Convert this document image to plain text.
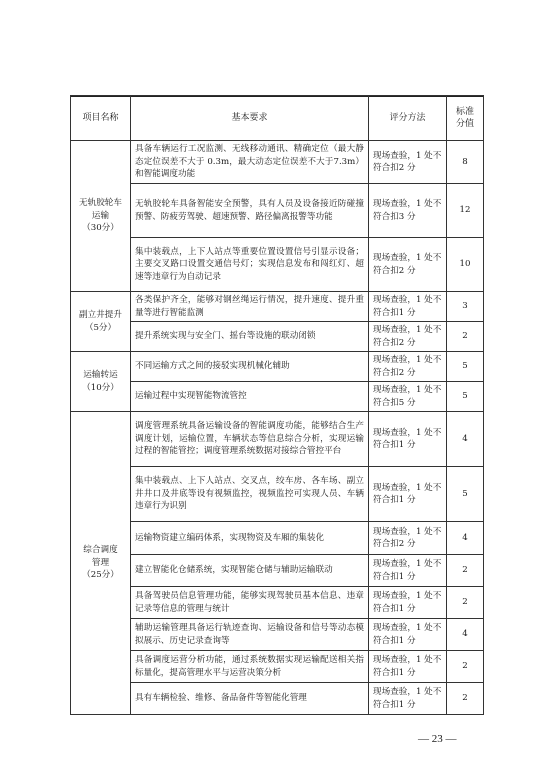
项目名称	基本要求	评分方法	标准
分值

无轨胶轮车
运输
（30分）	具备车辆运行工况监测、无线移动通讯、精确定位（最大静态定位误差不大于 0.3m，最大动态定位误差不大于7.3m）和智能调度功能	现场查验，1 处不符合扣2 分	8
	无轨胶轮车具备智能安全预警，具有人员及设备接近防碰撞预警、防疲劳驾驶、超速预警、路径偏离报警等功能	现场查验，1 处不符合扣3 分	12
	集中装载点，上下人站点等重要位置设置信号引显示设备；主要交叉路口设置交通信号灯；实现信息发布和闯红灯、超速等违章行为自动记录	现场查验，1 处不符合扣2 分	10

副立井提升
（5分）	各类保护齐全，能够对钢丝绳运行情况，提升速度、提升重量等进行智能监测	现场查验，1 处不符合扣1 分	3
	提升系统实现与安全门、摇台等设施的联动闭锁	现场查验，1 处不符合扣2 分	2

运输转运
（10分）	不同运输方式之间的接驳实现机械化辅助	现场查验，1 处不符合扣2 分	5
	运输过程中实现智能物流管控	现场查验，1 处不符合扣5 分	5

综合调度
管理
（25分）	调度管理系统具备运输设备的智能调度功能，能够结合生产调度计划，运输位置，车辆状态等信息综合分析，实现运输过程的智能管控；调度管理系统数据对接综合管控平台	现场查验，1 处不符合扣1 分	4
	集中装载点、上下人站点、交叉点，绞车房、各车场、副立井井口及井底等设有视频监控，视频监控可实现人员、车辆违章行为识别	现场查验，1 处不符合扣1 分	5
	运输物资建立编码体系，实现物资及车厢的集装化	现场查验，1 处不符合扣2 分	4
	建立智能化仓储系统，实现智能仓储与辅助运输联动	现场查验，1 处不符合扣1 分	2
	具备驾驶员信息管理功能，能够实现驾驶员基本信息、违章记录等信息的管理与统计	现场查验，1 处不符合扣1 分	2
	辅助运输管理具备运行轨迹查询、运输设备和信号等动态模拟展示、历史记录查询等	现场查验，1 处不符合扣1 分	4
	具备调度运营分析功能，通过系统数据实现运输配送相关指标量化，提高管理水平与运营决策分析	现场查验，1 处不符合扣1 分	2
	具有车辆检验、维修、备品备件等智能化管理	现场查验，1 处不符合扣1 分	2
— 23 —
